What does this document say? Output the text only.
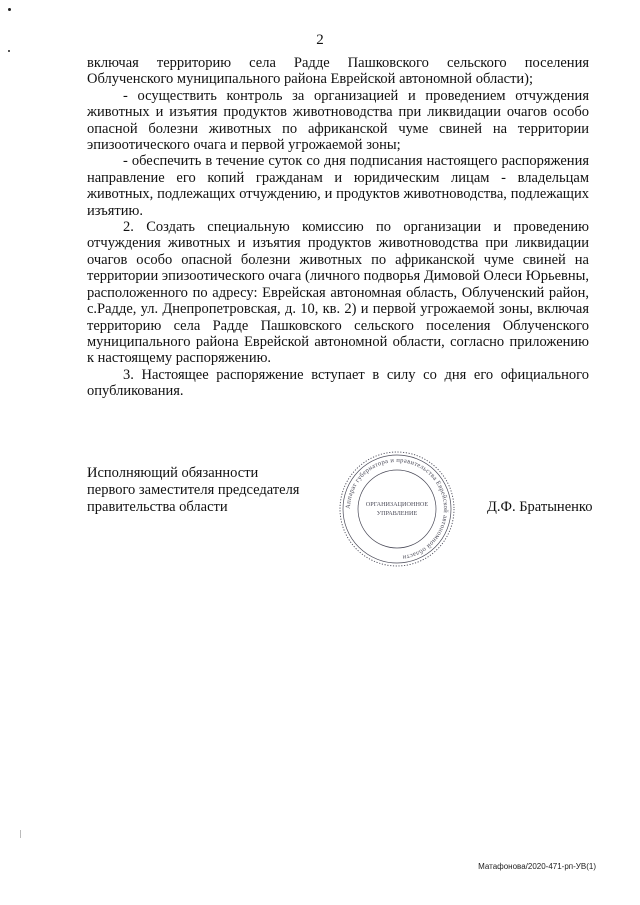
2

включая территорию села Радде Пашковского сельского поселения Облученского муниципального района Еврейской автономной области);

- осуществить контроль за организацией и проведением отчуждения животных и изъятия продуктов животноводства при ликвидации очагов особо опасной болезни животных по африканской чуме свиней на территории эпизоотического очага и первой угрожаемой зоны;

- обеспечить в течение суток со дня подписания настоящего распоряжения направление его копий гражданам и юридическим лицам - владельцам животных, подлежащих отчуждению, и продуктов животноводства, подлежащих изъятию.

2. Создать специальную комиссию по организации и проведению отчуждения животных и изъятия продуктов животноводства при ликвидации очагов особо опасной болезни животных по африканской чуме свиней на территории эпизоотического очага (личного подворья Димовой Олеси Юрьевны, расположенного по адресу: Еврейская автономная область, Облученский район, с.Радде, ул. Днепропетровская, д. 10, кв. 2) и первой угрожаемой зоны, включая территорию села Радде Пашковского сельского поселения Облученского муниципального района Еврейской автономной области, согласно приложению к настоящему распоряжению.

3. Настоящее распоряжение вступает в силу со дня его официального опубликования.

Исполняющий обязанности
первого заместителя председателя
правительства области	Аппарат губернатора и правительства Еврейской автономной области
ОРГАНИЗАЦИОННОЕ
УПРАВЛЕНИЕ	Д.Ф. Братыненко
Матафонова/2020-471-рп-УВ(1)
